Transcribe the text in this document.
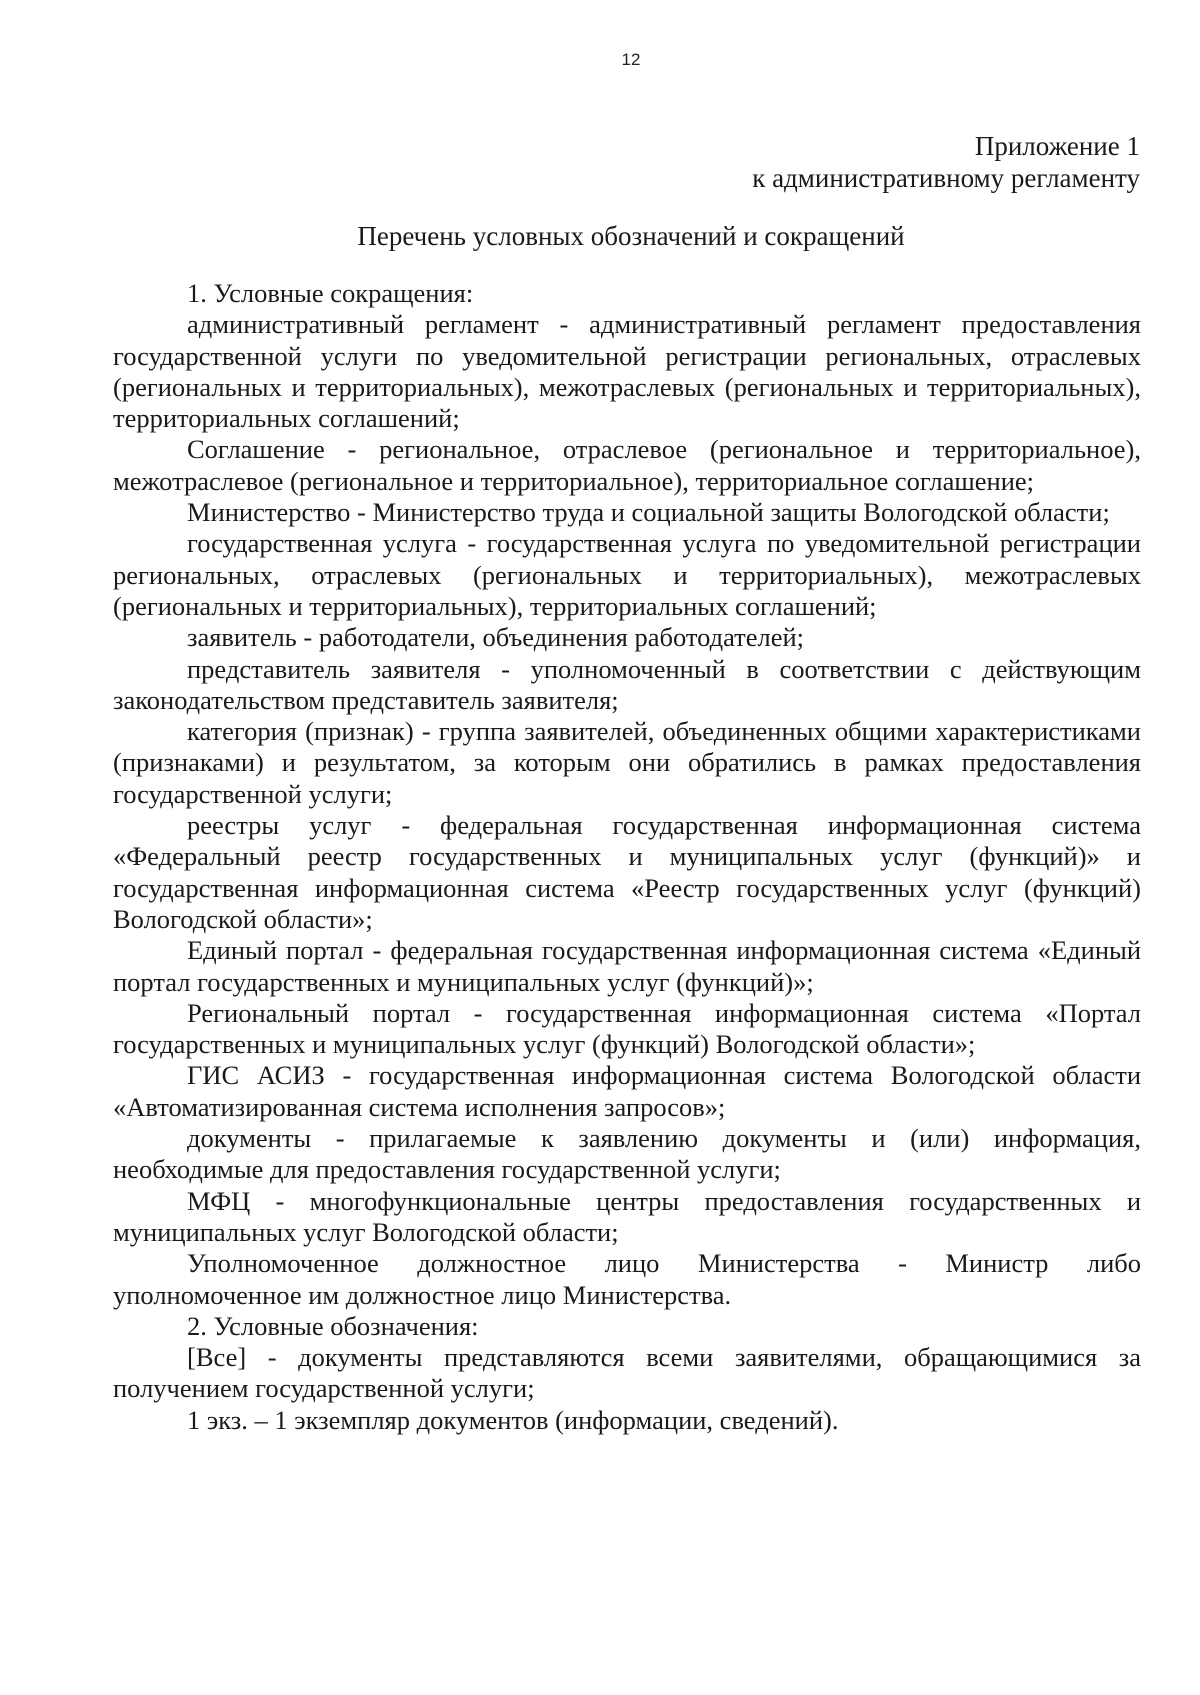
12
Приложение 1
к административному регламенту
Перечень условных обозначений и сокращений

1. Условные сокращения:

административный регламент - административный регламент предоставления государственной услуги по уведомительной регистрации региональных, отраслевых (региональных и территориальных), межотраслевых (региональных и территориальных), территориальных соглашений;

Соглашение - региональное, отраслевое (региональное и территориальное), межотраслевое (региональное и территориальное), территориальное соглашение;

Министерство - Министерство труда и социальной защиты Вологодской области;

государственная услуга - государственная услуга по уведомительной регистрации региональных, отраслевых (региональных и территориальных), межотраслевых (региональных и территориальных), территориальных соглашений;

заявитель - работодатели, объединения работодателей;

представитель заявителя - уполномоченный в соответствии с действующим законодательством представитель заявителя;

категория (признак) - группа заявителей, объединенных общими характеристиками (признаками) и результатом, за которым они обратились в рамках предоставления государственной услуги;

реестры услуг - федеральная государственная информационная система «Федеральный реестр государственных и муниципальных услуг (функций)» и государственная информационная система «Реестр государственных услуг (функций) Вологодской области»;

Единый портал - федеральная государственная информационная система «Единый портал государственных и муниципальных услуг (функций)»;

Региональный портал - государственная информационная система «Портал государственных и муниципальных услуг (функций) Вологодской области»;

ГИС АСИЗ - государственная информационная система Вологодской области «Автоматизированная система исполнения запросов»;

документы - прилагаемые к заявлению документы и (или) информация, необходимые для предоставления государственной услуги;

МФЦ - многофункциональные центры предоставления государственных и муниципальных услуг Вологодской области;

Уполномоченное должностное лицо Министерства - Министр либо уполномоченное им должностное лицо Министерства.

2. Условные обозначения:

[Все] - документы представляются всеми заявителями, обращающимися за получением государственной услуги;

1 экз. – 1 экземпляр документов (информации, сведений).
